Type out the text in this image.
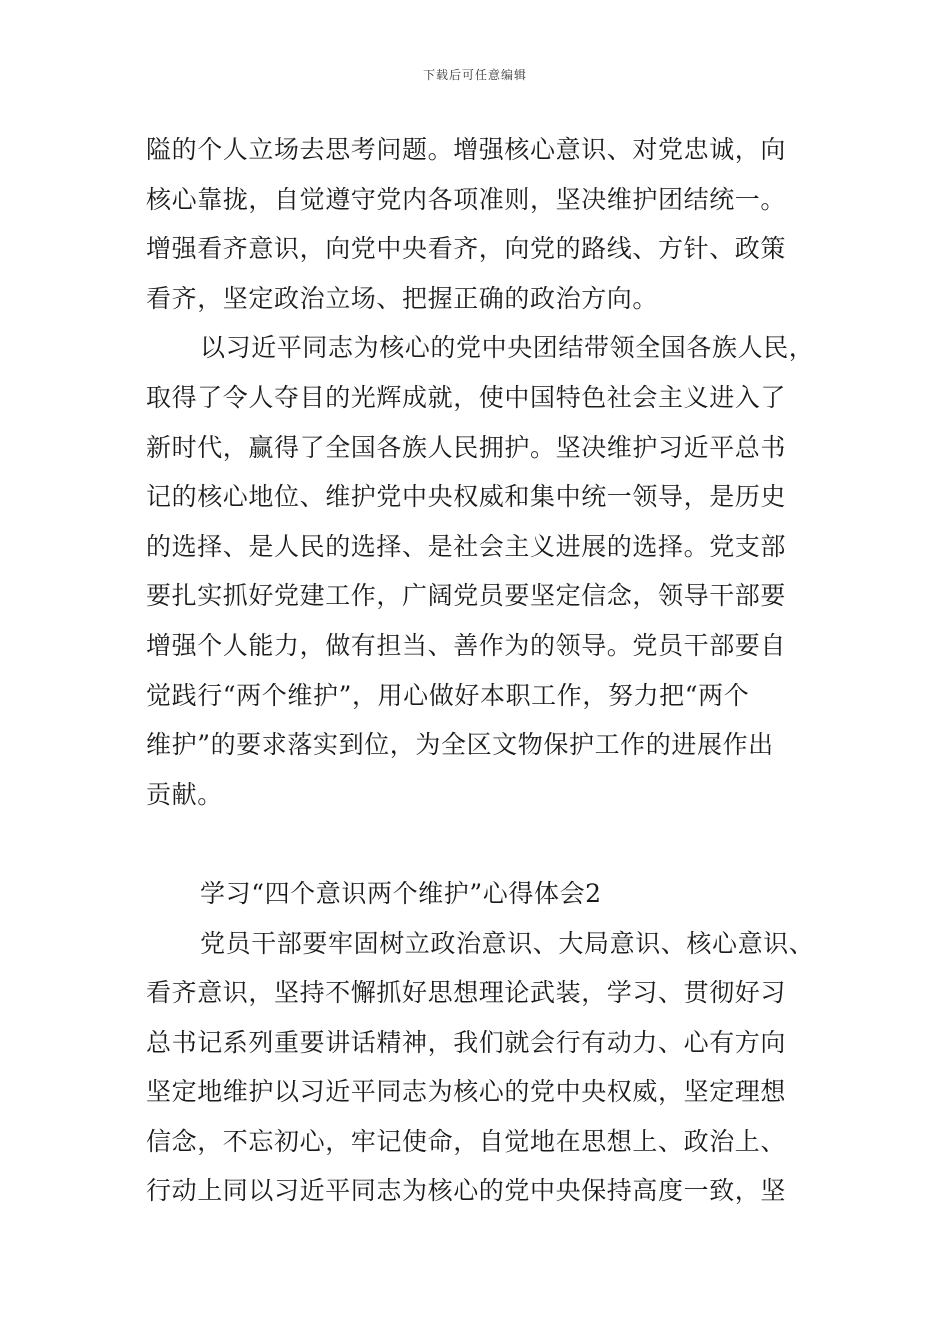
下载后可任意编辑
隘的个人立场去思考问题。增强核心意识、对党忠诚，向
核心靠拢，自觉遵守党内各项准则，坚决维护团结统一。
增强看齐意识，向党中央看齐，向党的路线、方针、政策
看齐，坚定政治立场、把握正确的政治方向。
以习近平同志为核心的党中央团结带领全国各族人民，
取得了令人夺目的光辉成就，使中国特色社会主义进入了
新时代，赢得了全国各族人民拥护。坚决维护习近平总书
记的核心地位、维护党中央权威和集中统一领导，是历史
的选择、是人民的选择、是社会主义进展的选择。党支部
要扎实抓好党建工作，广阔党员要坚定信念，领导干部要
增强个人能力，做有担当、善作为的领导。党员干部要自
觉践行“两个维护”，用心做好本职工作，努力把“两个
维护”的要求落实到位，为全区文物保护工作的进展作出
贡献。
学习“四个意识两个维护”心得体会2
党员干部要牢固树立政治意识、大局意识、核心意识、
看齐意识，坚持不懈抓好思想理论武装，学习、贯彻好习
总书记系列重要讲话精神，我们就会行有动力、心有方向
坚定地维护以习近平同志为核心的党中央权威，坚定理想
信念，不忘初心，牢记使命，自觉地在思想上、政治上、
行动上同以习近平同志为核心的党中央保持高度一致，坚
